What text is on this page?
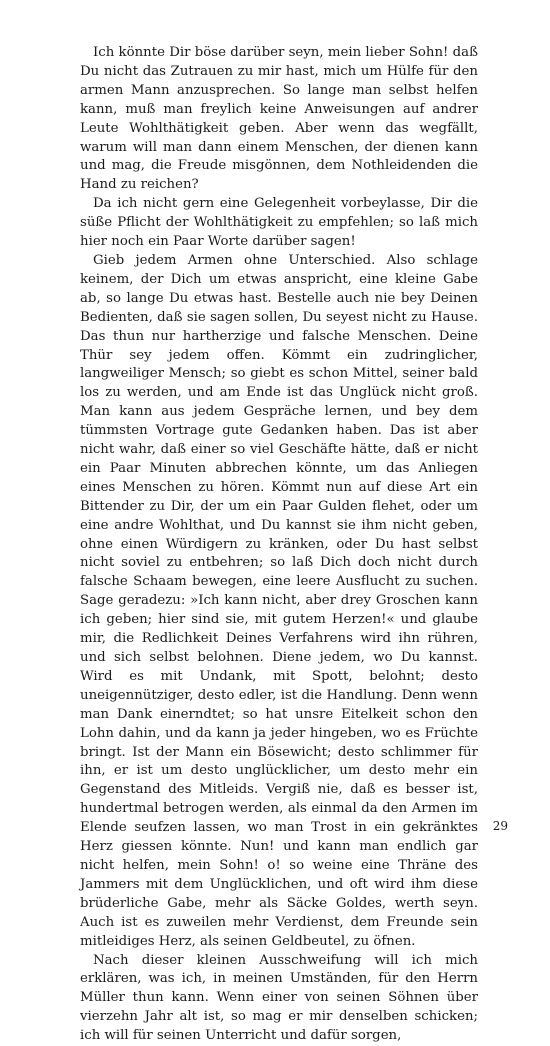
Ich könnte Dir böse darüber seyn, mein lieber Sohn! daß Du nicht das Zutrauen zu mir hast, mich um Hülfe für den armen Mann anzusprechen. So lange man selbst helfen kann, muß man freylich keine Anweisungen auf andrer Leute Wohlthätigkeit geben. Aber wenn das wegfällt, warum will man dann einem Menschen, der dienen kann und mag, die Freude misgönnen, dem Nothleidenden die Hand zu reichen?

Da ich nicht gern eine Gelegenheit vorbeylasse, Dir die süße Pflicht der Wohlthätigkeit zu empfehlen; so laß mich hier noch ein Paar Worte darüber sagen!

Gieb jedem Armen ohne Unterschied. Also schlage keinem, der Dich um etwas anspricht, eine kleine Gabe ab, so lange Du etwas hast. Bestelle auch nie bey Deinen Bedienten, daß sie sagen sollen, Du seyest nicht zu Hause. Das thun nur hartherzige und falsche Menschen. Deine Thür sey jedem offen. Kömmt ein zudringlicher, langweiliger Mensch; so giebt es schon Mittel, seiner bald los zu werden, und am Ende ist das Unglück nicht groß. Man kann aus jedem Gespräche lernen, und bey dem tümmsten Vortrage gute Gedanken haben. Das ist aber nicht wahr, daß einer so viel Geschäfte hätte, daß er nicht ein Paar Minuten abbrechen könnte, um das Anliegen eines Menschen zu hören. Kömmt nun auf diese Art ein Bittender zu Dir, der um ein Paar Gulden flehet, oder um eine andre Wohlthat, und Du kannst sie ihm nicht geben, ohne einen Würdigern zu kränken, oder Du hast selbst nicht soviel zu entbehren; so laß Dich doch nicht durch falsche Schaam bewegen, eine leere Ausflucht zu suchen. Sage geradezu: »Ich kann nicht, aber drey Groschen kann ich geben; hier sind sie, mit gutem Herzen!« und glaube mir, die Redlichkeit Deines Verfahrens wird ihn rühren, und sich selbst belohnen. Diene jedem, wo Du kannst. Wird es mit Undank, mit Spott, belohnt; desto uneigennütziger, desto edler, ist die Handlung. Denn wenn man Dank einerndtet; so hat unsre Eitelkeit schon den Lohn dahin, und da kann ja jeder hingeben, wo es Früchte bringt. Ist der Mann ein Bösewicht; desto schlimmer für ihn, er ist um desto unglücklicher, um desto mehr ein Gegenstand des Mitleids. Vergiß nie, daß es besser ist, hundertmal betrogen werden, als einmal da den Armen im Elende seufzen lassen, wo man Trost in ein gekränktes Herz giessen könnte. Nun! und kann man endlich gar nicht helfen, mein Sohn! o! so weine eine Thräne des Jammers mit dem Unglücklichen, und oft wird ihm diese brüderliche Gabe, mehr als Säcke Goldes, werth seyn. Auch ist es zuweilen mehr Verdienst, dem Freunde sein mitleidiges Herz, als seinen Geldbeutel, zu öfnen.

Nach dieser kleinen Ausschweifung will ich mich erklären, was ich, in meinen Umständen, für den Herrn Müller thun kann. Wenn einer von seinen Söhnen über vierzehn Jahr alt ist, so mag er mir denselben schicken; ich will für seinen Unterricht und dafür sorgen,

29
